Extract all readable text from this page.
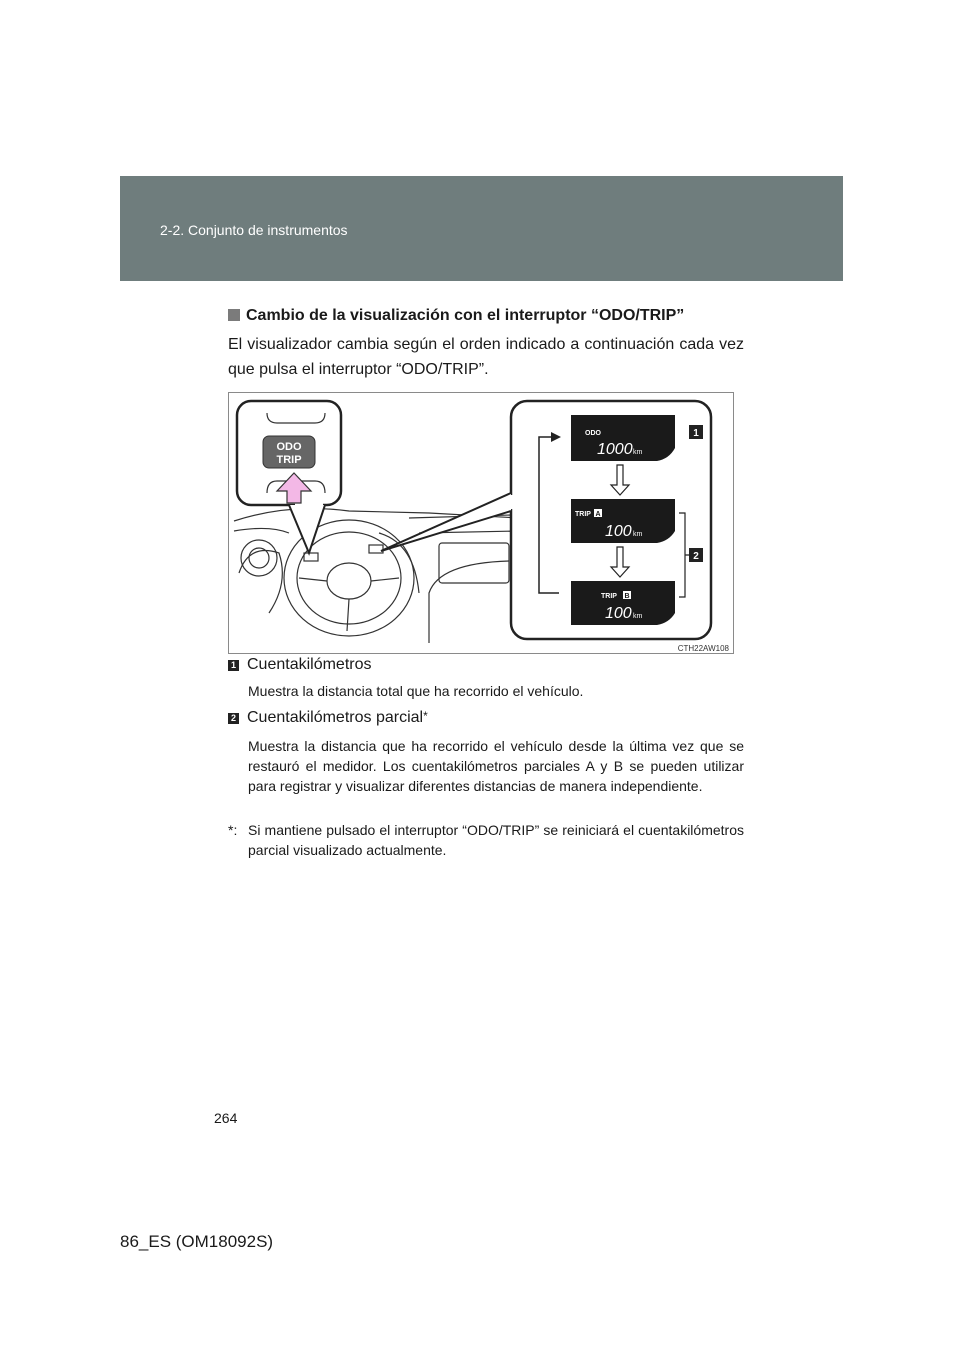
2-2. Conjunto de instrumentos
Cambio de la visualización con el interruptor “ODO/TRIP”
El visualizador cambia según el orden indicado a continuación cada vez que pulsa el interruptor “ODO/TRIP”.
ODO
TRIP
ODO
1000 km
TRIP A
100 km
TRIP B
100 km
1
2
CTH22AW108
1 Cuentakilómetros
Muestra la distancia total que ha recorrido el vehículo.
2 Cuentakilómetros parcial*
Muestra la distancia que ha recorrido el vehículo desde la última vez que se restauró el medidor. Los cuentakilómetros parciales A y B se pueden utilizar para registrar y visualizar diferentes distancias de manera independiente.
*: Si mantiene pulsado el interruptor “ODO/TRIP” se reiniciará el cuentakilómetros parcial visualizado actualmente.
264
86_ES (OM18092S)
